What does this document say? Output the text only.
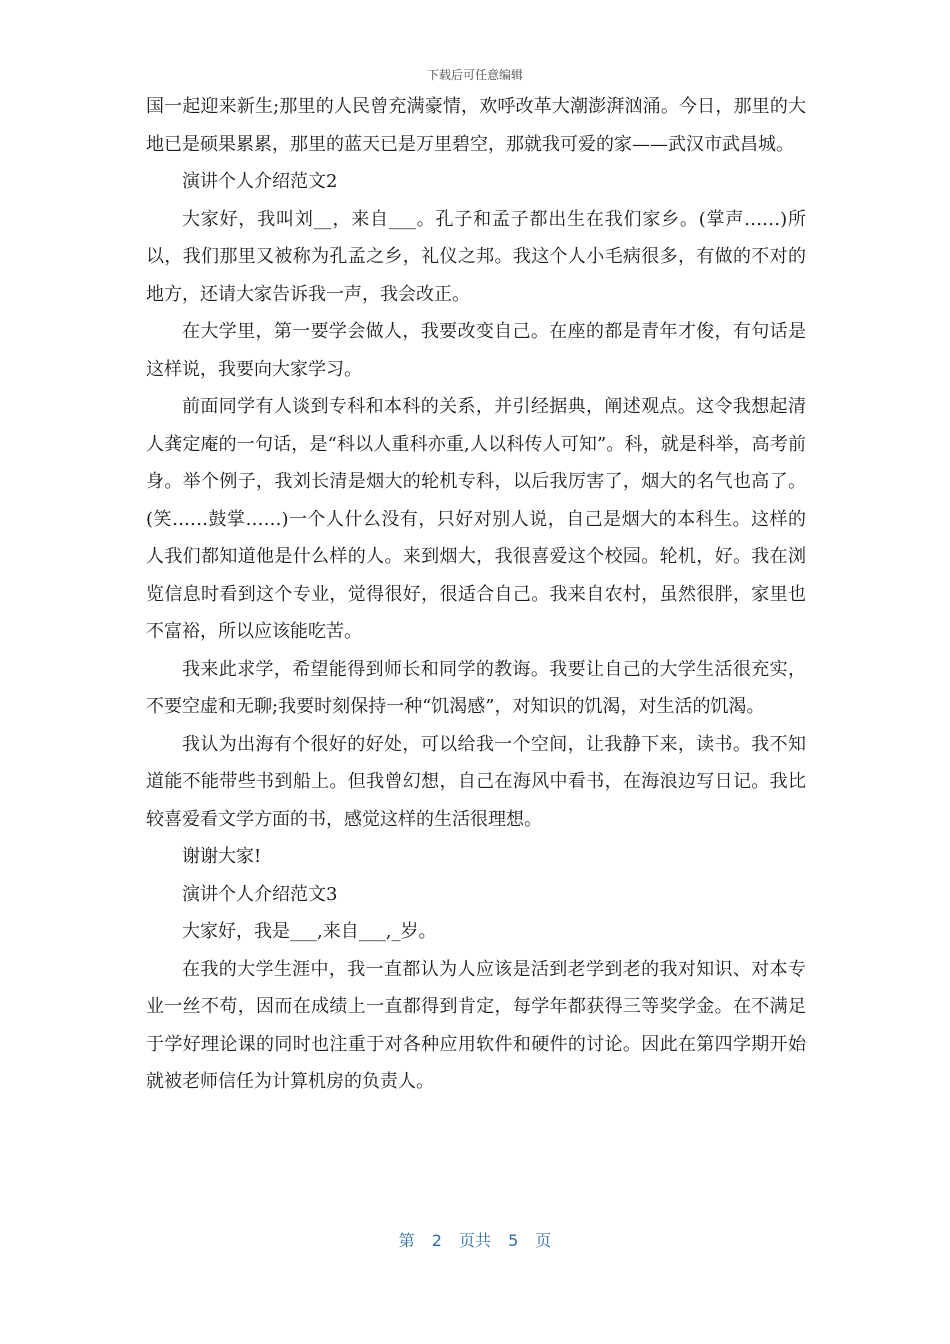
下载后可任意编辑

国一起迎来新生;那里的人民曾充满豪情，欢呼改革大潮澎湃汹涌。今日，那里的大地已是硕果累累，那里的蓝天已是万里碧空，那就我可爱的家——武汉市武昌城。

演讲个人介绍范文2

大家好，我叫刘__，来自___。孔子和孟子都出生在我们家乡。(掌声……)所以，我们那里又被称为孔孟之乡，礼仪之邦。我这个人小毛病很多，有做的不对的地方，还请大家告诉我一声，我会改正。

在大学里，第一要学会做人，我要改变自己。在座的都是青年才俊，有句话是这样说，我要向大家学习。

前面同学有人谈到专科和本科的关系，并引经据典，阐述观点。这令我想起清人龚定庵的一句话，是“科以人重科亦重,人以科传人可知”。科，就是科举，高考前身。举个例子，我刘长清是烟大的轮机专科，以后我厉害了，烟大的名气也高了。(笑……鼓掌……)一个人什么没有，只好对别人说，自己是烟大的本科生。这样的人我们都知道他是什么样的人。来到烟大，我很喜爱这个校园。轮机，好。我在浏览信息时看到这个专业，觉得很好，很适合自己。我来自农村，虽然很胖，家里也不富裕，所以应该能吃苦。

我来此求学，希望能得到师长和同学的教诲。我要让自己的大学生活很充实，不要空虚和无聊;我要时刻保持一种“饥渴感”，对知识的饥渴，对生活的饥渴。

我认为出海有个很好的好处，可以给我一个空间，让我静下来，读书。我不知道能不能带些书到船上。但我曾幻想，自己在海风中看书，在海浪边写日记。我比较喜爱看文学方面的书，感觉这样的生活很理想。

谢谢大家!

演讲个人介绍范文3

大家好，我是___,来自___,_岁。

在我的大学生涯中，我一直都认为人应该是活到老学到老的我对知识、对本专业一丝不苟，因而在成绩上一直都得到肯定，每学年都获得三等奖学金。在不满足于学好理论课的同时也注重于对各种应用软件和硬件的讨论。因此在第四学期开始就被老师信任为计算机房的负责人。

第 2 页共 5 页
